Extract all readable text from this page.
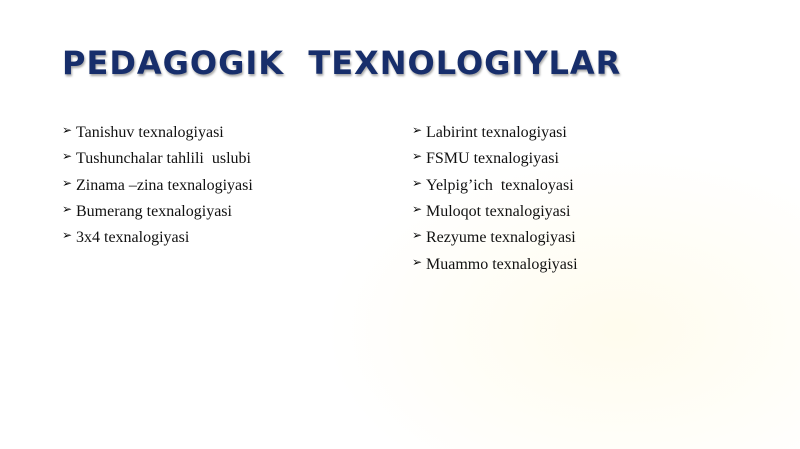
PEDAGOGIK  TEXNOLOGIYLAR
➢ Tanishuv texnalogiyasi
➢ Tushunchalar tahlili  uslubi
➢ Zinama –zina texnalogiyasi
➢ Bumerang texnalogiyasi
➢ 3x4 texnalogiyasi
➢ Labirint texnalogiyasi
➢ FSMU texnalogiyasi
➢ Yelpig’ich  texnaloyasi
➢ Muloqot texnalogiyasi
➢ Rezyume texnalogiyasi
➢ Muammo texnalogiyasi
